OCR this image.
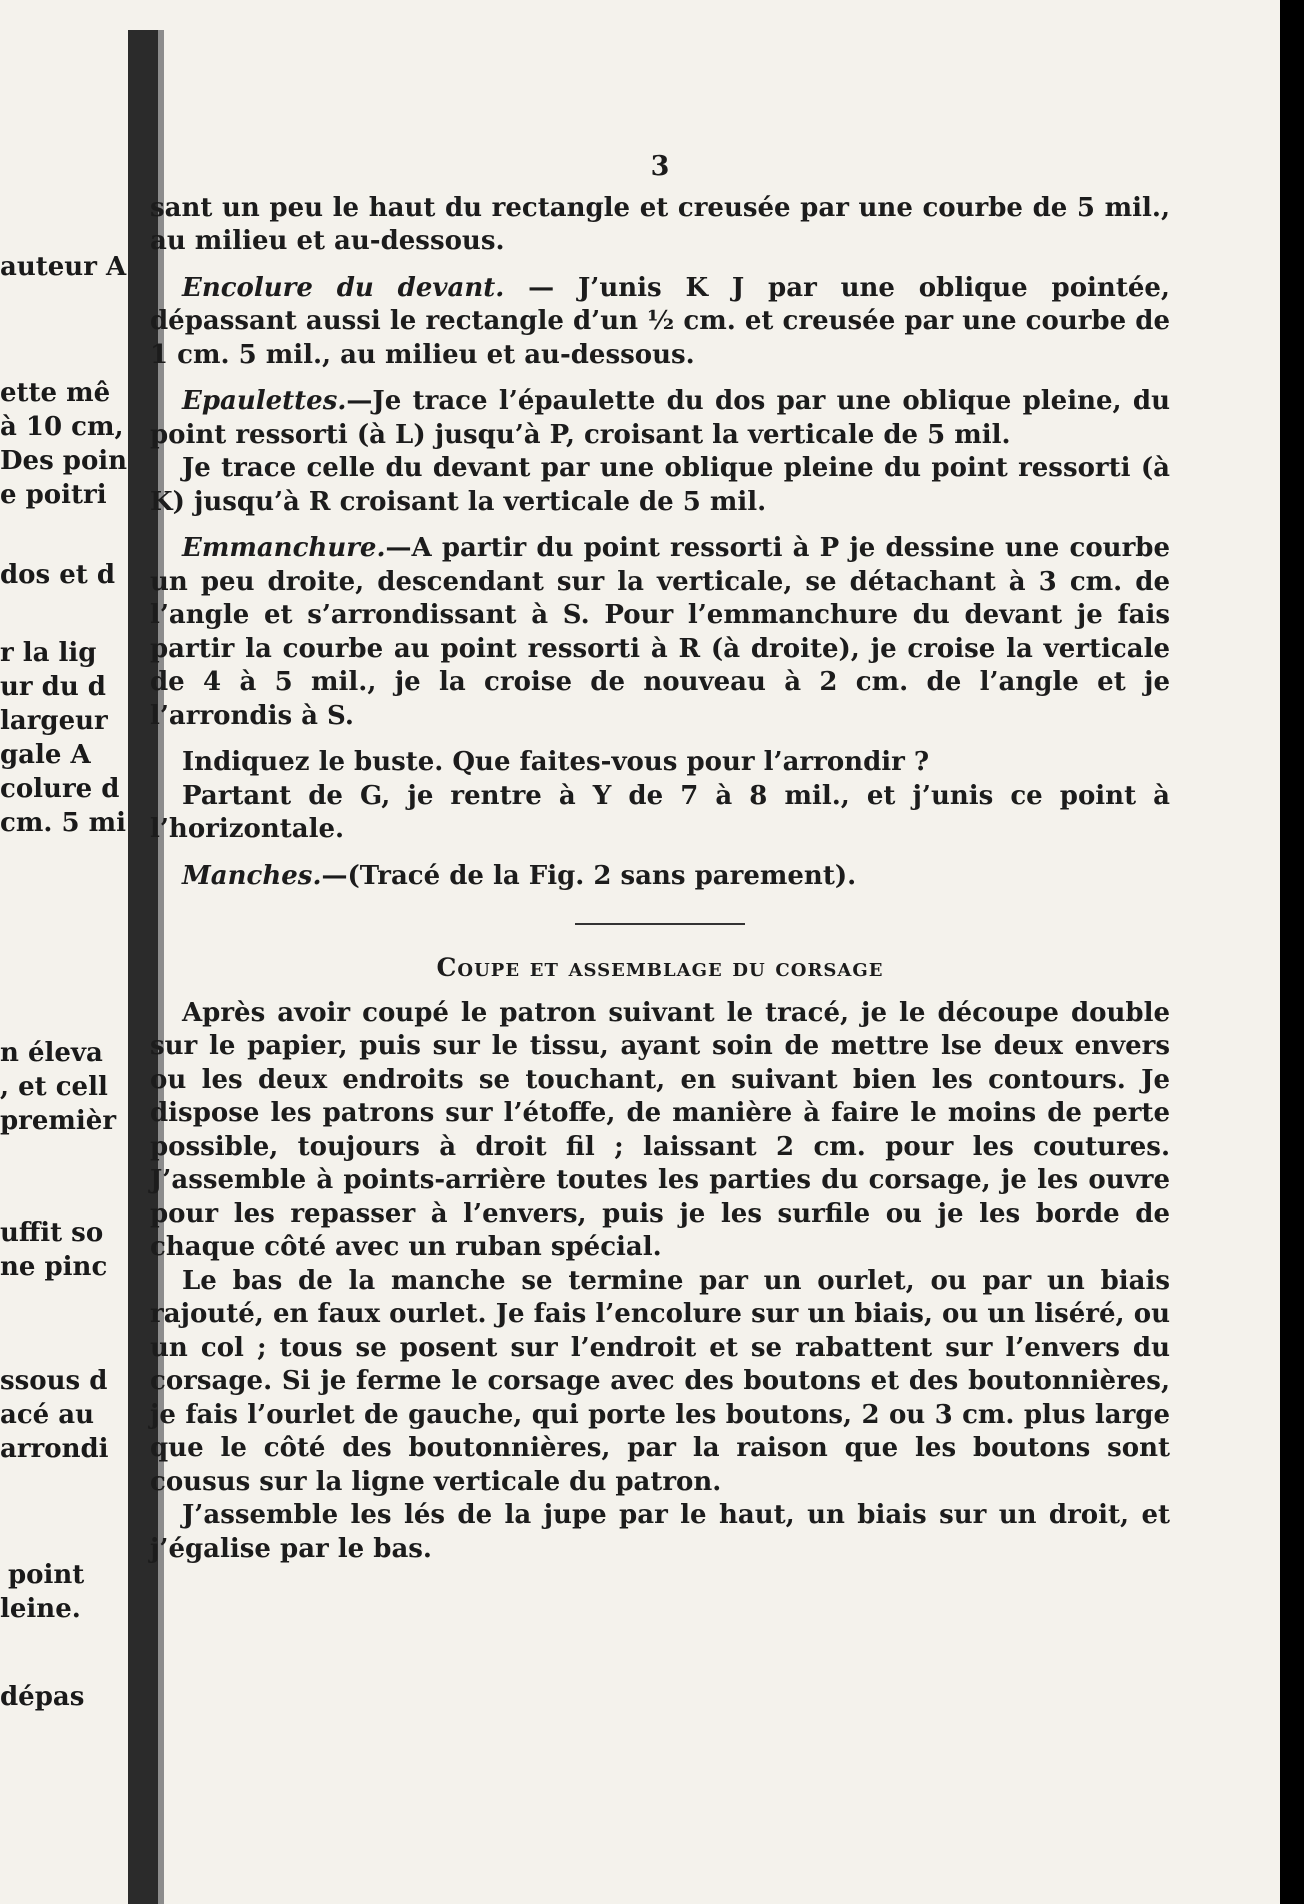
auteur A
ette mê
à 10 cm,
Des poin
e poitri
dos et d
r la lig
ur du d
largeur
gale A
colure d
cm. 5 mi
n éleva
, et cell
premièr
uffit so
ne pinc
ssous d
acé au
arrondi
point
leine.
dépas
3

sant un peu le haut du rectangle et creusée par une courbe de 5 mil., au milieu et au-dessous.

Encolure du devant. — J’unis K J par une oblique pointée, dépassant aussi le rectangle d’un ½ cm. et creusée par une courbe de 1 cm. 5 mil., au milieu et au-dessous.

Epaulettes.—Je trace l’épaulette du dos par une oblique pleine, du point ressorti (à L) jusqu’à P, croisant la verticale de 5 mil.

Je trace celle du devant par une oblique pleine du point ressorti (à K) jusqu’à R croisant la verticale de 5 mil.

Emmanchure.—A partir du point ressorti à P je dessine une courbe un peu droite, descendant sur la verticale, se détachant à 3 cm. de l’angle et s’arrondissant à S. Pour l’emmanchure du devant je fais partir la courbe au point ressorti à R (à droite), je croise la verticale de 4 à 5 mil., je la croise de nouveau à 2 cm. de l’angle et je l’arrondis à S.

Indiquez le buste. Que faites-vous pour l’arrondir ?

Partant de G, je rentre à Y de 7 à 8 mil., et j’unis ce point à l’horizontale.

Manches.—(Tracé de la Fig. 2 sans parement).

Coupe et assemblage du corsage

Après avoir coupé le patron suivant le tracé, je le découpe double sur le papier, puis sur le tissu, ayant soin de mettre lse deux envers ou les deux endroits se touchant, en suivant bien les contours. Je dispose les patrons sur l’étoffe, de manière à faire le moins de perte possible, toujours à droit fil ; laissant 2 cm. pour les coutures. J’assemble à points-arrière toutes les parties du corsage, je les ouvre pour les repasser à l’envers, puis je les surfile ou je les borde de chaque côté avec un ruban spécial.

Le bas de la manche se termine par un ourlet, ou par un biais rajouté, en faux ourlet. Je fais l’encolure sur un biais, ou un liséré, ou un col ; tous se posent sur l’endroit et se rabattent sur l’envers du corsage. Si je ferme le corsage avec des boutons et des boutonnières, je fais l’ourlet de gauche, qui porte les boutons, 2 ou 3 cm. plus large que le côté des boutonnières, par la raison que les boutons sont cousus sur la ligne verticale du patron.

J’assemble les lés de la jupe par le haut, un biais sur un droit, et j’égalise par le bas.
